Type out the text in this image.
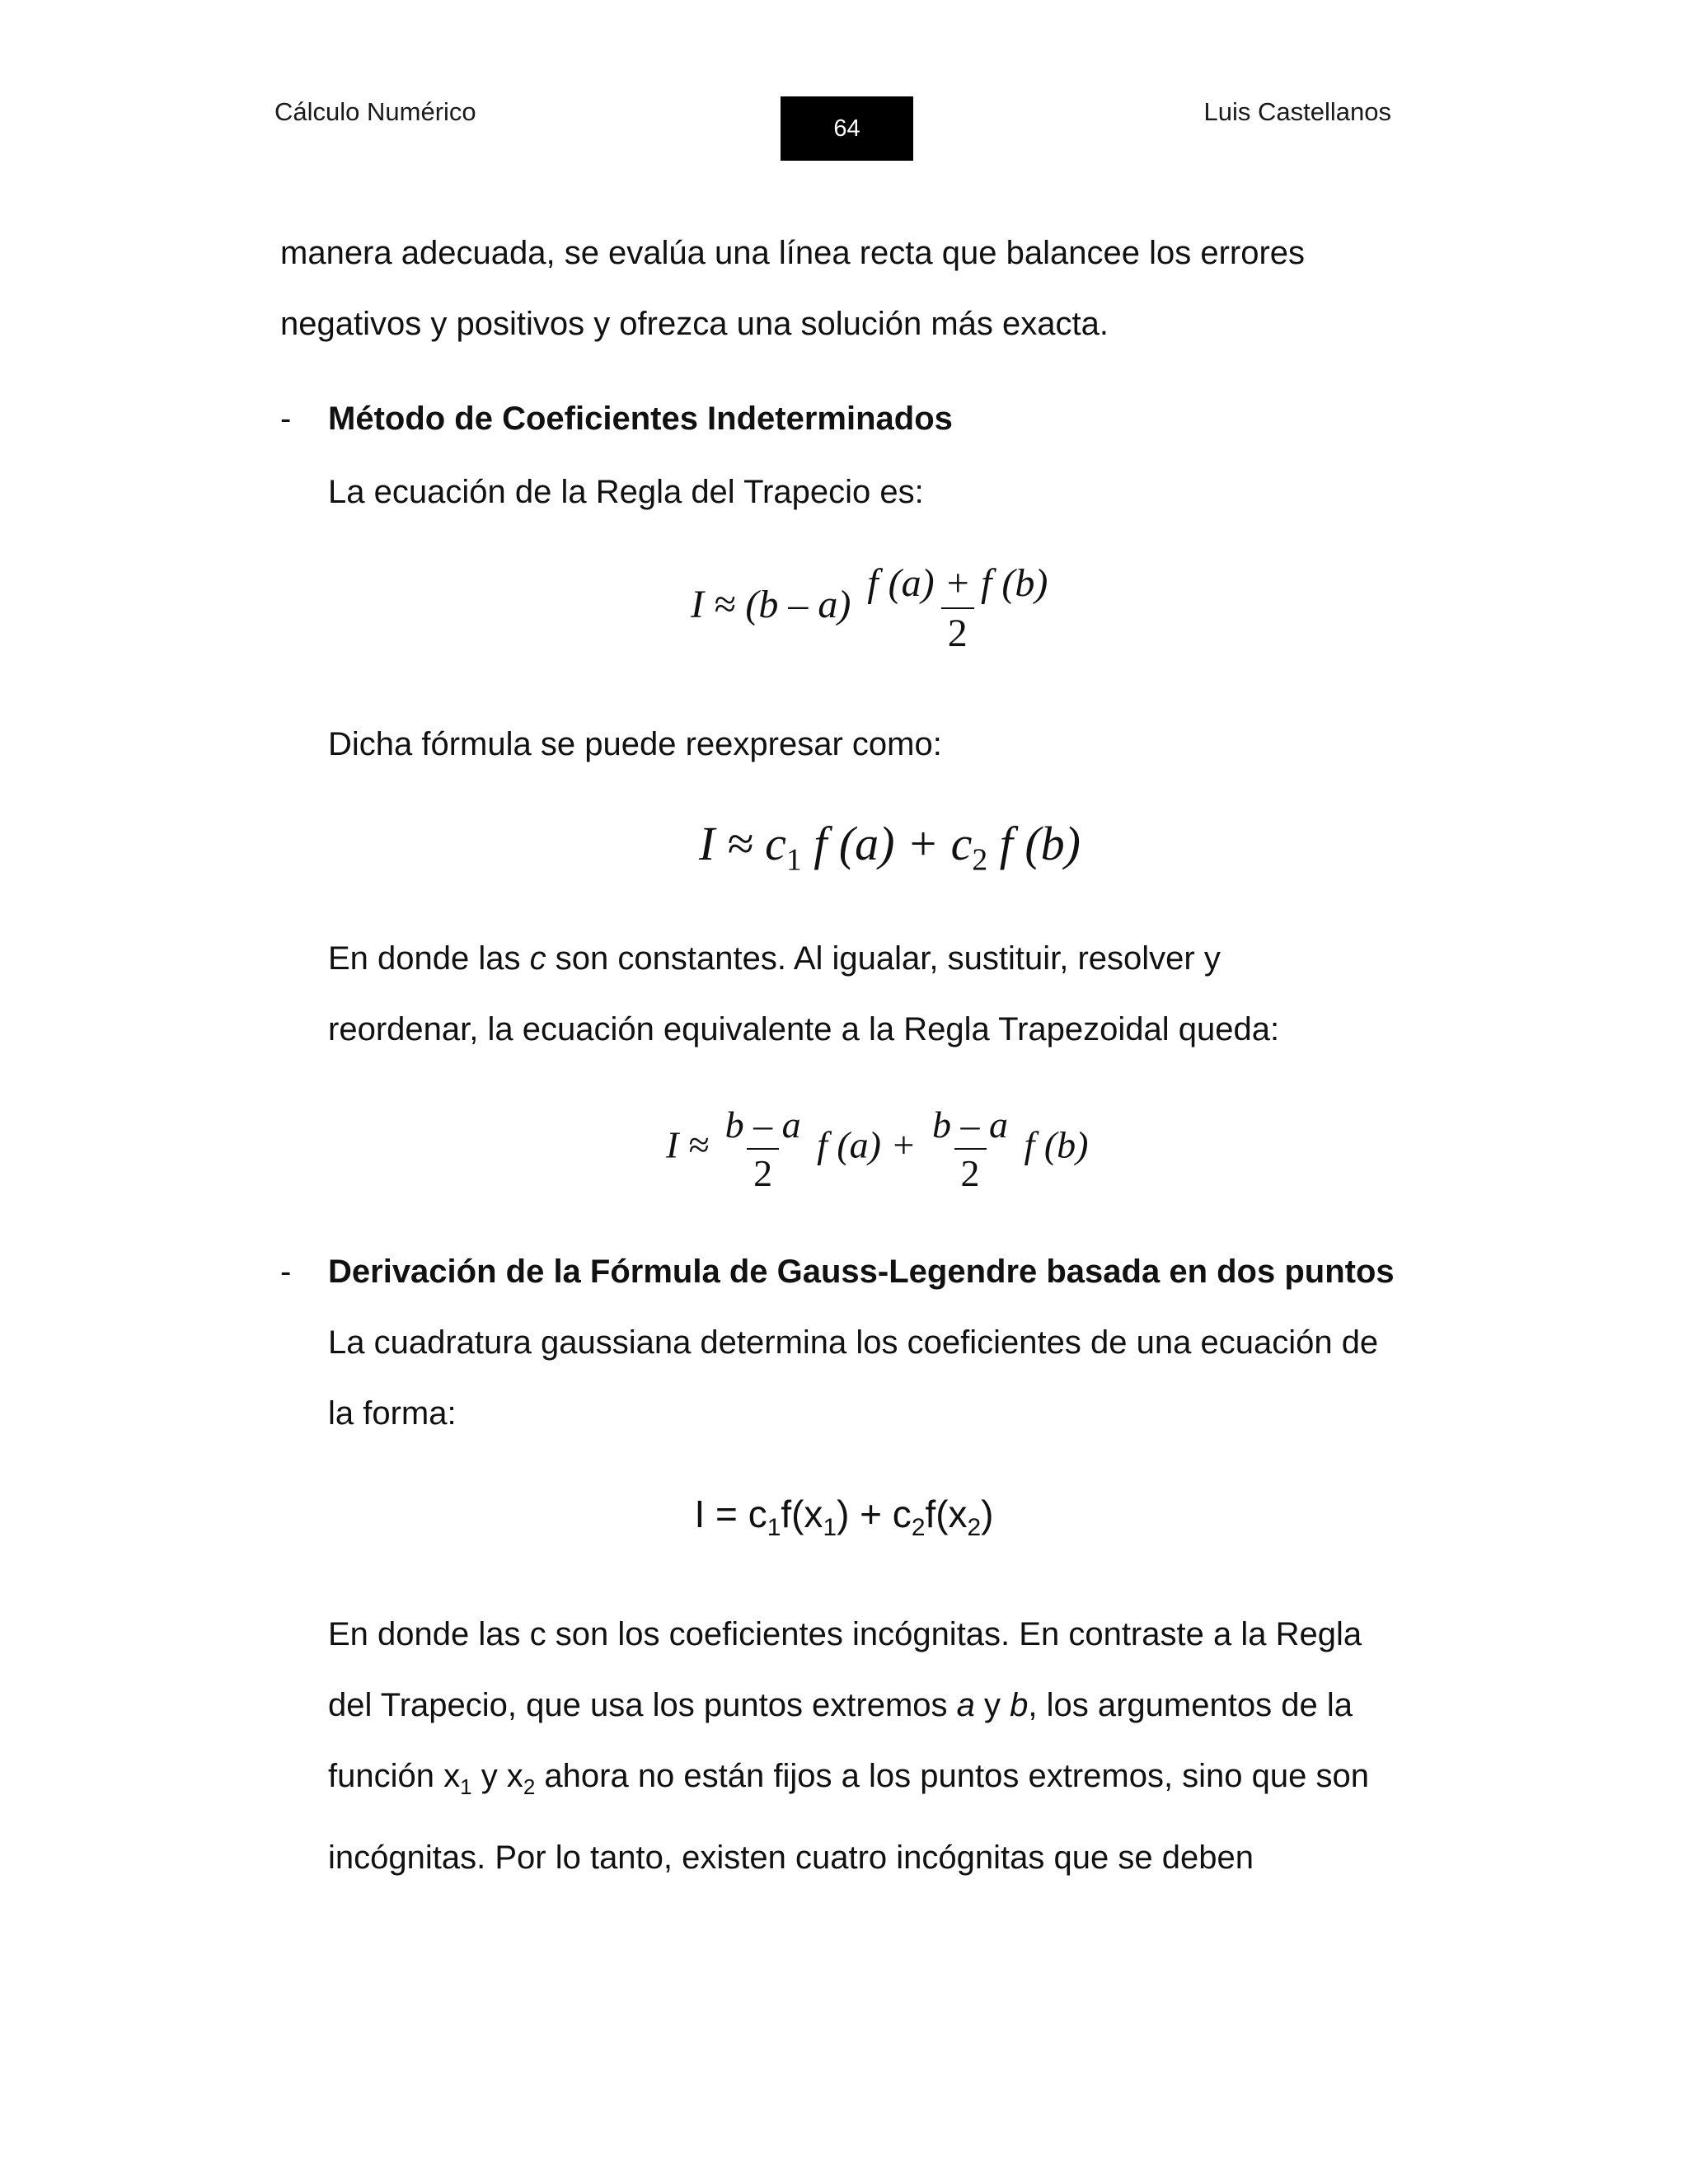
Cálculo Numérico
64
Luis Castellanos
manera adecuada, se evalúa una línea recta que balancee los errores
negativos y positivos y ofrezca una solución más exacta.
- Método de Coeficientes Indeterminados
La ecuación de la Regla del Trapecio es:
$I \approx (b - a) \frac{f (a) + f (b)}{2}$
Dicha fórmula se puede reexpresar como:
$I \approx c_1$ f $(a) + c_2$ f (b)
En donde las c son constantes. Al igualar, sustituir, resolver y
reordenar, la ecuación equivalente a la Regla Trapezoidal queda:
$I \approx \frac{b - a}{2}$ f $(a) + \frac{b - a}{2}$ f (b)
- Derivación de la Fórmula de Gauss-Legendre basada en dos puntos
La cuadratura gaussiana determina los coeficientes de una ecuación de
la forma:
$I = c_1f(x_1) + c_2f(x_2)$
En donde las c son los coeficientes incógnitas. En contraste a la Regla
del Trapecio, que usa los puntos extremos a y b, los argumentos de la
función $x_1$ y $x_2$ ahora no están fijos a los puntos extremos, sino que son
incógnitas. Por lo tanto, existen cuatro incógnitas que se deben
